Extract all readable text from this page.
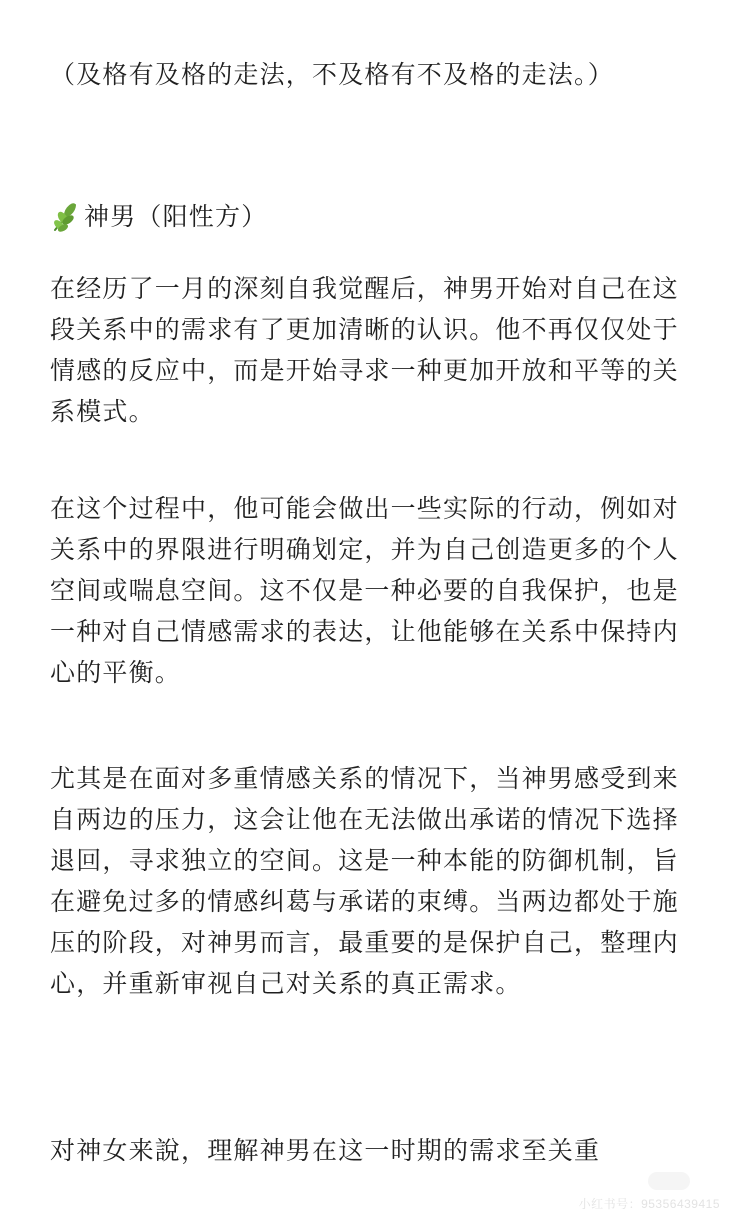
（及格有及格的走法，不及格有不及格的走法。）

神男（阳性方）

在经历了一月的深刻自我觉醒后，神男开始对自己在这段关系中的需求有了更加清晰的认识。他不再仅仅处于情感的反应中，而是开始寻求一种更加开放和平等的关系模式。

在这个过程中，他可能会做出一些实际的行动，例如对关系中的界限进行明确划定，并为自己创造更多的个人空间或喘息空间。这不仅是一种必要的自我保护，也是一种对自己情感需求的表达，让他能够在关系中保持内心的平衡。

尤其是在面对多重情感关系的情况下，当神男感受到来自两边的压力，这会让他在无法做出承诺的情况下选择退回，寻求独立的空间。这是一种本能的防御机制，旨在避免过多的情感纠葛与承诺的束缚。当两边都处于施压的阶段，对神男而言，最重要的是保护自己，整理内心，并重新审视自己对关系的真正需求。

对神女来說，理解神男在这一时期的需求至关重

小红书号：95356439415
